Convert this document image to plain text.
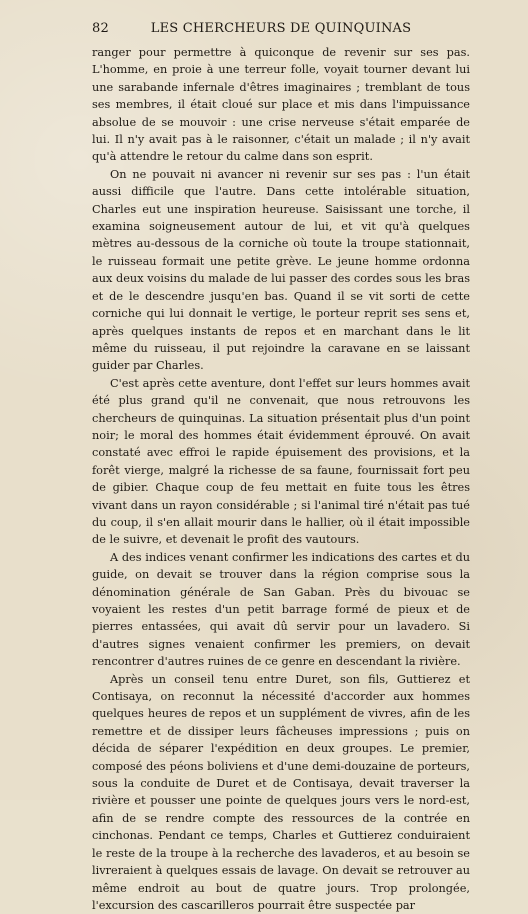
82	LES CHERCHEURS DE QUINQUINAS

ranger pour permettre à quiconque de revenir sur ses pas. L'homme, en proie à une terreur folle, voyait tourner devant lui une sarabande infernale d'êtres imaginaires ; tremblant de tous ses membres, il était cloué sur place et mis dans l'impuissance absolue de se mouvoir : une crise nerveuse s'était emparée de lui. Il n'y avait pas à le raisonner, c'était un malade ; il n'y avait qu'à attendre le retour du calme dans son esprit.

On ne pouvait ni avancer ni revenir sur ses pas : l'un était aussi difficile que l'autre. Dans cette intolérable situation, Charles eut une inspiration heureuse. Saisissant une torche, il examina soigneusement autour de lui, et vit qu'à quelques mètres au-dessous de la corniche où toute la troupe stationnait, le ruisseau formait une petite grève. Le jeune homme ordonna aux deux voisins du malade de lui passer des cordes sous les bras et de le descendre jusqu'en bas. Quand il se vit sorti de cette corniche qui lui donnait le vertige, le porteur reprit ses sens et, après quelques instants de repos et en marchant dans le lit même du ruisseau, il put rejoindre la caravane en se laissant guider par Charles.

C'est après cette aventure, dont l'effet sur leurs hommes avait été plus grand qu'il ne convenait, que nous retrouvons les chercheurs de quinquinas. La situation présentait plus d'un point noir; le moral des hommes était évidemment éprouvé. On avait constaté avec effroi le rapide épuisement des provisions, et la forêt vierge, malgré la richesse de sa faune, fournissait fort peu de gibier. Chaque coup de feu mettait en fuite tous les êtres vivant dans un rayon considérable ; si l'animal tiré n'était pas tué du coup, il s'en allait mourir dans le hallier, où il était impossible de le suivre, et devenait le profit des vautours.

A des indices venant confirmer les indications des cartes et du guide, on devait se trouver dans la région comprise sous la dénomination générale de San Gaban. Près du bivouac se voyaient les restes d'un petit barrage formé de pieux et de pierres entassées, qui avait dû servir pour un lavadero. Si d'autres signes venaient confirmer les premiers, on devait rencontrer d'autres ruines de ce genre en descendant la rivière.

Après un conseil tenu entre Duret, son fils, Guttierez et Contisaya, on reconnut la nécessité d'accorder aux hommes quelques heures de repos et un supplément de vivres, afin de les remettre et de dissiper leurs fâcheuses impressions ; puis on décida de séparer l'expédition en deux groupes. Le premier, composé des péons boliviens et d'une demi-douzaine de porteurs, sous la conduite de Duret et de Contisaya, devait traverser la rivière et pousser une pointe de quelques jours vers le nord-est, afin de se rendre compte des ressources de la contrée en cinchonas. Pendant ce temps, Charles et Guttierez conduiraient le reste de la troupe à la recherche des lavaderos, et au besoin se livreraient à quelques essais de lavage. On devait se retrouver au même endroit au bout de quatre jours. Trop prolongée, l'excursion des cascarilleros pourrait être suspectée par
